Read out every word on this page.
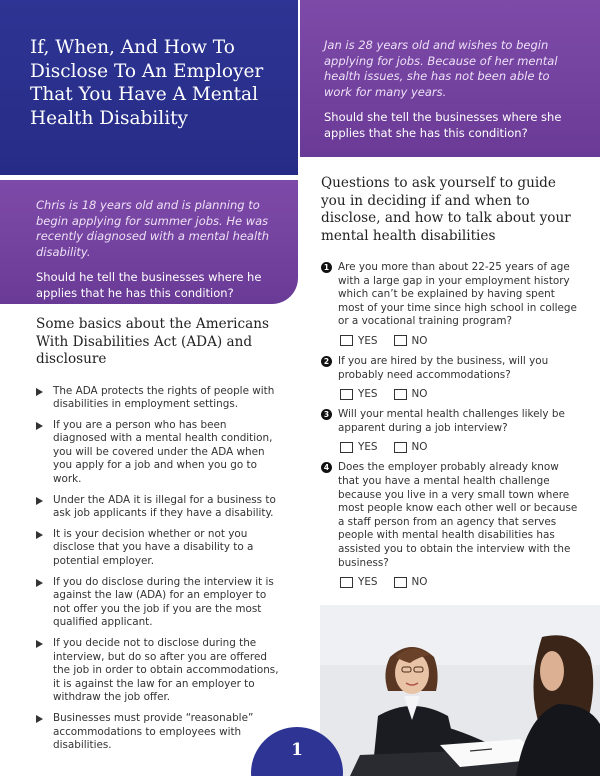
If, When, And How To Disclose To An Employer That You Have A Mental Health Disability

Jan is 28 years old and wishes to begin applying for jobs. Because of her mental health issues, she has not been able to work for many years.

Should she tell the businesses where she applies that she has this condition?

Chris is 18 years old and is planning to begin applying for summer jobs. He was recently diagnosed with a mental health disability.

Should he tell the businesses where he applies that he has this condition?

Some basics about the Americans With Disabilities Act (ADA) and disclosure
The ADA protects the rights of people with disabilities in employment settings.
If you are a person who has been diagnosed with a mental health condition, you will be covered under the ADA when you apply for a job and when you go to work.
Under the ADA it is illegal for a business to ask job applicants if they have a disability.
It is your decision whether or not you disclose that you have a disability to a potential employer.
If you do disclose during the interview it is against the law (ADA) for an employer to not offer you the job if you are the most qualified applicant.
If you decide not to disclose during the interview, but do so after you are offered the job in order to obtain accommodations, it is against the law for an employer to withdraw the job offer.
Businesses must provide “reasonable” accommodations to employees with disabilities.
Questions to ask yourself to guide you in deciding if and when to disclose, and how to talk about your mental health disabilities
1 Are you more than about 22-25 years of age with a large gap in your employment history which can’t be explained by having spent most of your time since high school in college or a vocational training program?

YES	NO
2 If you are hired by the business, will you probably need accommodations?

YES	NO
3 Will your mental health challenges likely be apparent during a job interview?

YES	NO
4 Does the employer probably already know that you have a mental health challenge because you live in a very small town where most people know each other well or because a staff person from an agency that serves people with mental health disabilities has assisted you to obtain the interview with the business?

YES	NO
1
